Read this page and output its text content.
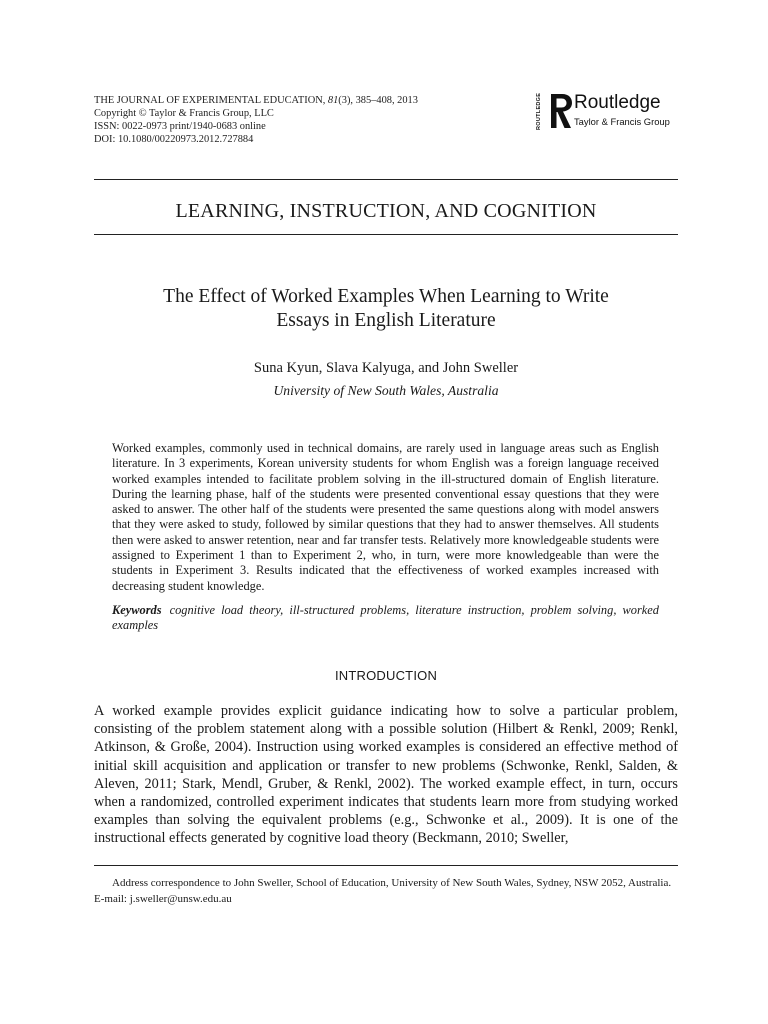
THE JOURNAL OF EXPERIMENTAL EDUCATION, 81(3), 385–408, 2013
Copyright © Taylor & Francis Group, LLC
ISSN: 0022-0973 print/1940-0683 online
DOI: 10.1080/00220973.2012.727884
ROUTLEDGE Routledge
Taylor & Francis Group
LEARNING, INSTRUCTION, AND COGNITION
The Effect of Worked Examples When Learning to Write
Essays in English Literature
Suna Kyun, Slava Kalyuga, and John Sweller
University of New South Wales, Australia
Worked examples, commonly used in technical domains, are rarely used in language areas such as English literature. In 3 experiments, Korean university students for whom English was a foreign language received worked examples intended to facilitate problem solving in the ill-structured domain of English literature. During the learning phase, half of the students were presented conventional essay questions that they were asked to answer. The other half of the students were presented the same questions along with model answers that they were asked to study, followed by similar questions that they had to answer themselves. All students then were asked to answer retention, near and far transfer tests. Relatively more knowledgeable students were assigned to Experiment 1 than to Experiment 2, who, in turn, were more knowledgeable than were the students in Experiment 3. Results indicated that the effectiveness of worked examples increased with decreasing student knowledge.
Keywords cognitive load theory, ill-structured problems, literature instruction, problem solving, worked examples
INTRODUCTION
A worked example provides explicit guidance indicating how to solve a particular problem, consisting of the problem statement along with a possible solution (Hilbert & Renkl, 2009; Renkl, Atkinson, & Große, 2004). Instruction using worked examples is considered an effective method of initial skill acquisition and application or transfer to new problems (Schwonke, Renkl, Salden, & Aleven, 2011; Stark, Mendl, Gruber, & Renkl, 2002). The worked example effect, in turn, occurs when a randomized, controlled experiment indicates that students learn more from studying worked examples than solving the equivalent problems (e.g., Schwonke et al., 2009). It is one of the instructional effects generated by cognitive load theory (Beckmann, 2010; Sweller,
Address correspondence to John Sweller, School of Education, University of New South Wales, Sydney, NSW 2052, Australia. E-mail: j.sweller@unsw.edu.au
